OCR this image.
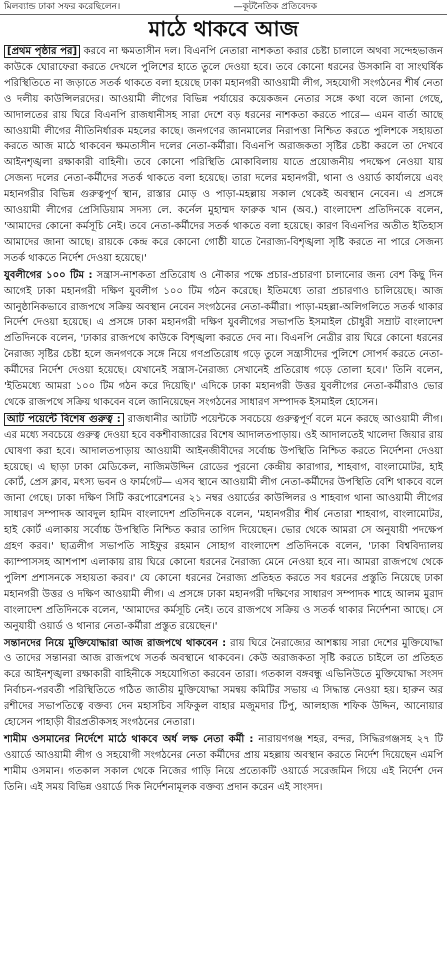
মিলব্যান্ড ঢাকা সফর করেছিলেন।	—কূটনৈতিক প্রতিবেদক
মাঠে থাকবে আজ

[প্রথম পৃষ্ঠার পর] করবে না ক্ষমতাসীন দল। বিএনপি নেতারা নাশকতা করার চেষ্টা চালালে অথবা সন্দেহভাজন কাউকে ঘোরাফেরা করতে দেখলে পুলিশের হাতে তুলে দেওয়া হবে। তবে কোনো ধরনের উসকানি বা সাংঘর্ষিক পরিস্থিতিতে না জড়াতে সতর্ক থাকতে বলা হয়েছে ঢাকা মহানগরী আওয়ামী লীগ, সহযোগী সংগঠনের শীর্ষ নেতা ও দলীয় কাউন্সিলরদের। আওয়ামী লীগের বিভিন্ন পর্যায়ের কয়েকজন নেতার সঙ্গে কথা বলে জানা গেছে, আদালতের রায় ঘিরে বিএনপি রাজধানীসহ সারা দেশে বড় ধরনের নাশকতা করতে পারে— এমন বার্তা আছে আওয়ামী লীগের নীতিনির্ধারক মহলের কাছে। জনগণের জানমালের নিরাপত্তা নিশ্চিত করতে পুলিশকে সহায়তা করতে আজ মাঠে থাকবেন ক্ষমতাসীন দলের নেতা-কর্মীরা। বিএনপি অরাজকতা সৃষ্টির চেষ্টা করলে তা দেখবে আইনশৃঙ্খলা রক্ষাকারী বাহিনী। তবে কোনো পরিস্থিতি মোকাবিলায় যাতে প্রয়োজনীয় পদক্ষেপ নেওয়া যায় সেজন্য দলের নেতা-কর্মীদের সতর্ক থাকতে বলা হয়েছে। তারা দলের মহানগরী, থানা ও ওয়ার্ড কার্যালয়ে এবং মহানগরীর বিভিন্ন গুরুত্বপূর্ণ স্থান, রাস্তার মোড় ও পাড়া-মহল্লায় সকাল থেকেই অবস্থান নেবেন। এ প্রসঙ্গে আওয়ামী লীগের প্রেসিডিয়াম সদস্য লে. কর্নেল মুহাম্মদ ফারুক খান (অব.) বাংলাদেশ প্রতিদিনকে বলেন, 'আমাদের কোনো কর্মসূচি নেই। তবে নেতা-কর্মীদের সতর্ক থাকতে বলা হয়েছে। কারণ বিএনপির অতীত ইতিহাস আমাদের জানা আছে। রায়কে কেন্দ্র করে কোনো গোষ্ঠী যাতে নৈরাজ্য-বিশৃঙ্খলা সৃষ্টি করতে না পারে সেজন্য সতর্ক থাকতে নির্দেশ দেওয়া হয়েছে।'

যুবলীগের ১০০ টিম : সন্ত্রাস-নাশকতা প্রতিরোধ ও নৌকার পক্ষে প্রচার-প্রচারণা চালানোর জন্য বেশ কিছু দিন আগেই ঢাকা মহানগরী দক্ষিণ যুবলীগ ১০০ টিম গঠন করেছে। ইতিমধ্যে তারা প্রচারণাও চালিয়েছে। আজ আনুষ্ঠানিকভাবে রাজপথে সক্রিয় অবস্থান নেবেন সংগঠনের নেতা-কর্মীরা। পাড়া-মহল্লা-অলিগলিতে সতর্ক থাকার নির্দেশ দেওয়া হয়েছে। এ প্রসঙ্গে ঢাকা মহানগরী দক্ষিণ যুবলীগের সভাপতি ইসমাইল চৌধুরী সম্রাট বাংলাদেশ প্রতিদিনকে বলেন, 'ঢাকার রাজপথে কাউকে বিশৃঙ্খলা করতে দেব না। বিএনপি নেত্রীর রায় ঘিরে কোনো ধরনের নৈরাজ্য সৃষ্টির চেষ্টা হলে জনগণকে সঙ্গে নিয়ে গণপ্রতিরোধ গড়ে তুলে সন্ত্রাসীদের পুলিশে সোপর্দ করতে নেতা-কর্মীদের নির্দেশ দেওয়া হয়েছে। যেখানেই সন্ত্রাস-নৈরাজ্য সেখানেই প্রতিরোধ গড়ে তোলা হবে।' তিনি বলেন, 'ইতিমধ্যে আমরা ১০০ টিম গঠন করে দিয়েছি।' এদিকে ঢাকা মহানগরী উত্তর যুবলীগের নেতা-কর্মীরাও ভোর থেকে রাজপথে সক্রিয় থাকবেন বলে জানিয়েছেন সংগঠনের সাধারণ সম্পাদক ইসমাইল হোসেন।

আট পয়েন্টে বিশেষ গুরুত্ব : রাজধানীর আটটি পয়েন্টকে সবচেয়ে গুরুত্বপূর্ণ বলে মনে করছে আওয়ামী লীগ। এর মধ্যে সবচেয়ে গুরুত্ব দেওয়া হবে বকশীবাজারের বিশেষ আদালতপাড়ায়। ওই আদালতেই খালেদা জিয়ার রায় ঘোষণা করা হবে। আদালতপাড়ায় আওয়ামী আইনজীবীদের সর্বোচ্চ উপস্থিতি নিশ্চিত করতে নির্দেশনা দেওয়া হয়েছে। এ ছাড়া ঢাকা মেডিকেল, নাজিমউদ্দিন রোডের পুরনো কেন্দ্রীয় কারাগার, শাহবাগ, বাংলামোটর, হাই কোর্ট, প্রেস ক্লাব, মৎস্য ভবন ও ফার্মগেট— এসব স্থানে আওয়ামী লীগ নেতা-কর্মীদের উপস্থিতি বেশি থাকবে বলে জানা গেছে। ঢাকা দক্ষিণ সিটি করপোরেশনের ২১ নম্বর ওয়ার্ডের কাউন্সিলর ও শাহবাগ থানা আওয়ামী লীগের সাধারণ সম্পাদক আবদুল হামিদ বাংলাদেশ প্রতিদিনকে বলেন, 'মহানগরীর শীর্ষ নেতারা শাহবাগ, বাংলামোটর, হাই কোর্ট এলাকায় সর্বোচ্চ উপস্থিতি নিশ্চিত করার তাগিদ দিয়েছেন। ভোর থেকে আমরা সে অনুযায়ী পদক্ষেপ গ্রহণ করব।' ছাত্রলীগ সভাপতি সাইফুর রহমান সোহাগ বাংলাদেশ প্রতিদিনকে বলেন, 'ঢাকা বিশ্ববিদ্যালয় ক্যাম্পাসসহ আশপাশ এলাকায় রায় ঘিরে কোনো ধরনের নৈরাজ্য মেনে নেওয়া হবে না। আমরা রাজপথে থেকে পুলিশ প্রশাসনকে সহায়তা করব।' যে কোনো ধরনের নৈরাজ্য প্রতিহত করতে সব ধরনের প্রস্তুতি নিয়েছে ঢাকা মহানগরী উত্তর ও দক্ষিণ আওয়ামী লীগ। এ প্রসঙ্গে ঢাকা মহানগরী দক্ষিণের সাধারণ সম্পাদক শাহে আলম মুরাদ বাংলাদেশ প্রতিদিনকে বলেন, 'আমাদের কর্মসূচি নেই। তবে রাজপথে সক্রিয় ও সতর্ক থাকার নির্দেশনা আছে। সে অনুযায়ী ওয়ার্ড ও থানার নেতা-কর্মীরা প্রস্তুত রয়েছেন।'

সন্তানদের নিয়ে মুক্তিযোদ্ধারা আজ রাজপথে থাকবেন : রায় ঘিরে নৈরাজ্যের আশঙ্কায় সারা দেশের মুক্তিযোদ্ধা ও তাদের সন্তানরা আজ রাজপথে সতর্ক অবস্থানে থাকবেন। কেউ অরাজকতা সৃষ্টি করতে চাইলে তা প্রতিহত করে আইনশৃঙ্খলা রক্ষাকারী বাহিনীকে সহযোগিতা করবেন তারা। গতকাল বঙ্গবন্ধু এভিনিউতে মুক্তিযোদ্ধা সংসদ নির্বাচন-পরবর্তী পরিস্থিতিতে গঠিত জাতীয় মুক্তিযোদ্ধা সমন্বয় কমিটির সভায় এ সিদ্ধান্ত নেওয়া হয়। হারুন অর রশীদের সভাপতিত্বে বক্তব্য দেন মহাসচিব সফিকুল বাহার মজুমদার টিপু, আলহাজ শফিক উদ্দিন, আনোয়ার হোসেন পাহাড়ী বীরপ্রতীকসহ সংগঠনের নেতারা।

শামীম ওসমানের নির্দেশে মাঠে থাকবে অর্ধ লক্ষ নেতা কর্মী : নারায়ণগঞ্জ শহর, বন্দর, সিদ্ধিরগঞ্জসহ ২৭ টি ওয়ার্ডে আওয়ামী লীগ ও সহযোগী সংগঠনের নেতা কর্মীদের প্রায় মহল্লায় অবস্থান করতে নির্দেশ দিয়েছেন এমপি শামীম ওসমান। গতকাল সকাল থেকে নিজের গাড়ি নিয়ে প্রত্যেকটি ওয়ার্ডে সরেজমিন গিয়ে এই নির্দেশ দেন তিনি। এই সময় বিভিন্ন ওয়ার্ডে দিক নির্দেশনামূলক বক্তব্য প্রদান করেন এই সাংসদ।
